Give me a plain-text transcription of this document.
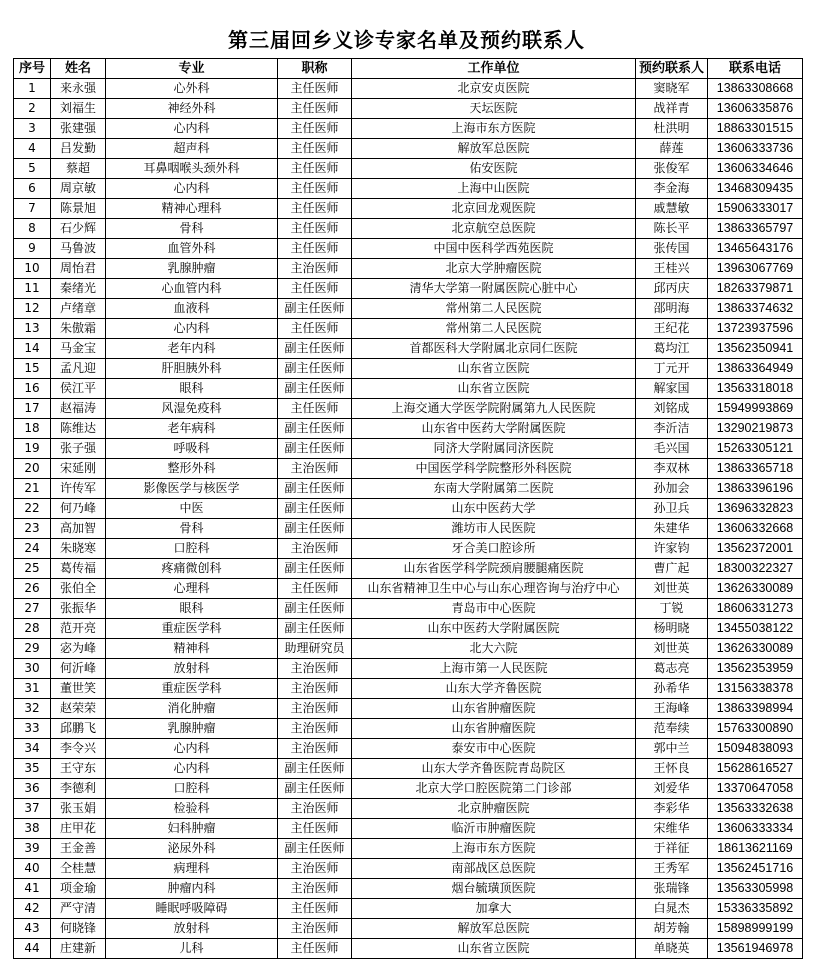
第三届回乡义诊专家名单及预约联系人
序号	姓名	专业	职称	工作单位	预约联系人	联系电话
1	来永强	心外科	主任医师	北京安贞医院	窦晓军	13863308668
2	刘福生	神经外科	主任医师	天坛医院	战祥青	13606335876
3	张建强	心内科	主任医师	上海市东方医院	杜洪明	18863301515
4	吕发勤	超声科	主任医师	解放军总医院	薛莲	13606333736
5	蔡超	耳鼻咽喉头颈外科	主任医师	佑安医院	张俊军	13606334646
6	周京敏	心内科	主任医师	上海中山医院	李金海	13468309435
7	陈景旭	精神心理科	主任医师	北京回龙观医院	戚慧敏	15906333017
8	石少辉	骨科	主任医师	北京航空总医院	陈长平	13863365797
9	马鲁波	血管外科	主任医师	中国中医科学西苑医院	张传国	13465643176
10	周怡君	乳腺肿瘤	主治医师	北京大学肿瘤医院	王桂兴	13963067769
11	秦绪光	心血管内科	主任医师	清华大学第一附属医院心脏中心	邱丙庆	18263379871
12	卢绪章	血液科	副主任医师	常州第二人民医院	邵明海	13863374632
13	朱傲霜	心内科	主任医师	常州第二人民医院	王纪花	13723937596
14	马金宝	老年内科	副主任医师	首都医科大学附属北京同仁医院	葛均江	13562350941
15	孟凡迎	肝胆胰外科	副主任医师	山东省立医院	丁元开	13863364949
16	侯江平	眼科	副主任医师	山东省立医院	解家国	13563318018
17	赵福涛	风湿免疫科	主任医师	上海交通大学医学院附属第九人民医院	刘铭成	15949993869
18	陈维达	老年病科	副主任医师	山东省中医药大学附属医院	李沂洁	13290219873
19	张子强	呼吸科	副主任医师	同济大学附属同济医院	毛兴国	15263305121
20	宋延刚	整形外科	主治医师	中国医学科学院整形外科医院	李双林	13863365718
21	许传军	影像医学与核医学	副主任医师	东南大学附属第二医院	孙加会	13863396196
22	何乃峰	中医	副主任医师	山东中医药大学	孙卫兵	13696332823
23	高加智	骨科	副主任医师	潍坊市人民医院	朱建华	13606332668
24	朱晓寒	口腔科	主治医师	牙合美口腔诊所	许家钧	13562372001
25	葛传福	疼痛微创科	副主任医师	山东省医学科学院颈肩腰腿痛医院	曹广起	18300322327
26	张伯全	心理科	主任医师	山东省精神卫生中心与山东心理咨询与治疗中心	刘世英	13626330089
27	张振华	眼科	副主任医师	青岛市中心医院	丁锐	18606331273
28	范开亮	重症医学科	副主任医师	山东中医药大学附属医院	杨明晓	13455038122
29	宓为峰	精神科	助理研究员	北大六院	刘世英	13626330089
30	何沂峰	放射科	主治医师	上海市第一人民医院	葛志亮	13562353959
31	董世笑	重症医学科	主治医师	山东大学齐鲁医院	孙希华	13156338378
32	赵荣荣	消化肿瘤	主治医师	山东省肿瘤医院	王海峰	13863398994
33	邱鹏飞	乳腺肿瘤	主治医师	山东省肿瘤医院	范奉续	15763300890
34	李令兴	心内科	主治医师	泰安市中心医院	郭中兰	15094838093
35	王守东	心内科	副主任医师	山东大学齐鲁医院青岛院区	王怀良	15628616527
36	李德利	口腔科	副主任医师	北京大学口腔医院第二门诊部	刘爱华	13370647058
37	张玉娟	检验科	主治医师	北京肿瘤医院	李彩华	13563332638
38	庄甲花	妇科肿瘤	主任医师	临沂市肿瘤医院	宋维华	13606333334
39	王金善	泌尿外科	副主任医师	上海市东方医院	于祥征	18613621169
40	仝桂慧	病理科	主治医师	南部战区总医院	王秀军	13562451716
41	项金瑜	肿瘤内科	主治医师	烟台毓璜顶医院	张瑞锋	13563305998
42	严守清	睡眠呼吸障碍	主任医师	加拿大	白晁杰	15336335892
43	何晓锋	放射科	主治医师	解放军总医院	胡芳翰	15898999199
44	庄建新	儿科	主任医师	山东省立医院	单晓英	13561946978
